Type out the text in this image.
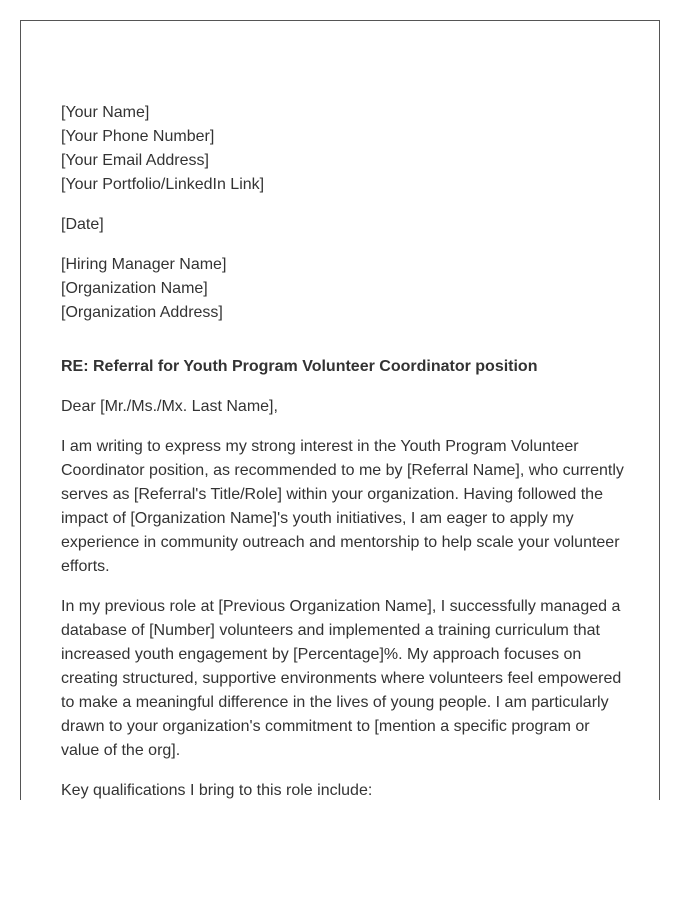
[Your Name]
[Your Phone Number]
[Your Email Address]
[Your Portfolio/LinkedIn Link]
[Date]
[Hiring Manager Name]
[Organization Name]
[Organization Address]
RE: Referral for Youth Program Volunteer Coordinator position

Dear [Mr./Ms./Mx. Last Name],

I am writing to express my strong interest in the Youth Program Volunteer Coordinator position, as recommended to me by [Referral Name], who currently serves as [Referral's Title/Role] within your organization. Having followed the impact of [Organization Name]'s youth initiatives, I am eager to apply my experience in community outreach and mentorship to help scale your volunteer efforts.

In my previous role at [Previous Organization Name], I successfully managed a database of [Number] volunteers and implemented a training curriculum that increased youth engagement by [Percentage]%. My approach focuses on creating structured, supportive environments where volunteers feel empowered to make a meaningful difference in the lives of young people. I am particularly drawn to your organization's commitment to [mention a specific program or value of the org].

Key qualifications I bring to this role include:
